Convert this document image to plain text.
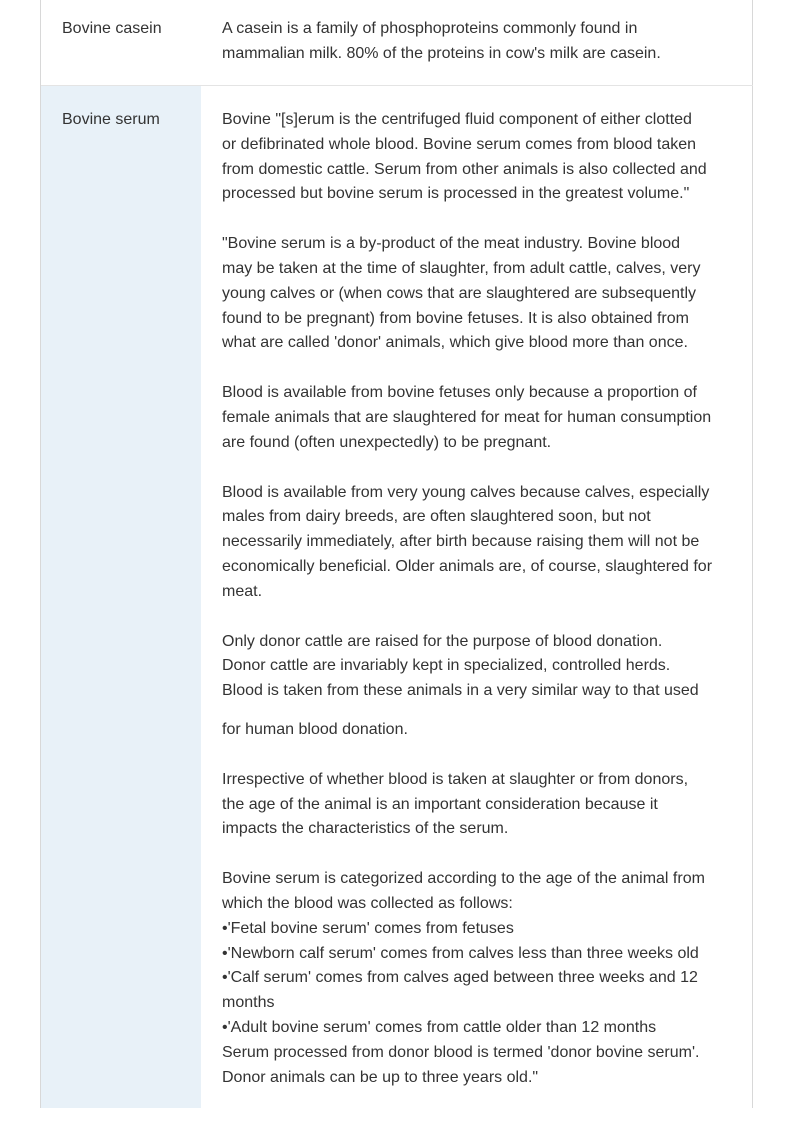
Bovine casein	A casein is a family of phosphoproteins commonly found in
mammalian milk. 80% of the proteins in cow's milk are casein.

Bovine serum	Bovine "[s]erum is the centrifuged fluid component of either clotted
or defibrinated whole blood. Bovine serum comes from blood taken
from domestic cattle. Serum from other animals is also collected and
processed but bovine serum is processed in the greatest volume."

"Bovine serum is a by-product of the meat industry. Bovine blood
may be taken at the time of slaughter, from adult cattle, calves, very
young calves or (when cows that are slaughtered are subsequently
found to be pregnant) from bovine fetuses. It is also obtained from
what are called 'donor' animals, which give blood more than once.

Blood is available from bovine fetuses only because a proportion of
female animals that are slaughtered for meat for human consumption
are found (often unexpectedly) to be pregnant.

Blood is available from very young calves because calves, especially
males from dairy breeds, are often slaughtered soon, but not
necessarily immediately, after birth because raising them will not be
economically beneficial. Older animals are, of course, slaughtered for
meat.

Only donor cattle are raised for the purpose of blood donation.
Donor cattle are invariably kept in specialized, controlled herds.
Blood is taken from these animals in a very similar way to that used

for human blood donation.

Irrespective of whether blood is taken at slaughter or from donors,
the age of the animal is an important consideration because it
impacts the characteristics of the serum.

Bovine serum is categorized according to the age of the animal from
which the blood was collected as follows:
•'Fetal bovine serum' comes from fetuses
•'Newborn calf serum' comes from calves less than three weeks old
•'Calf serum' comes from calves aged between three weeks and 12
months
•'Adult bovine serum' comes from cattle older than 12 months
Serum processed from donor blood is termed 'donor bovine serum'.
Donor animals can be up to three years old."
